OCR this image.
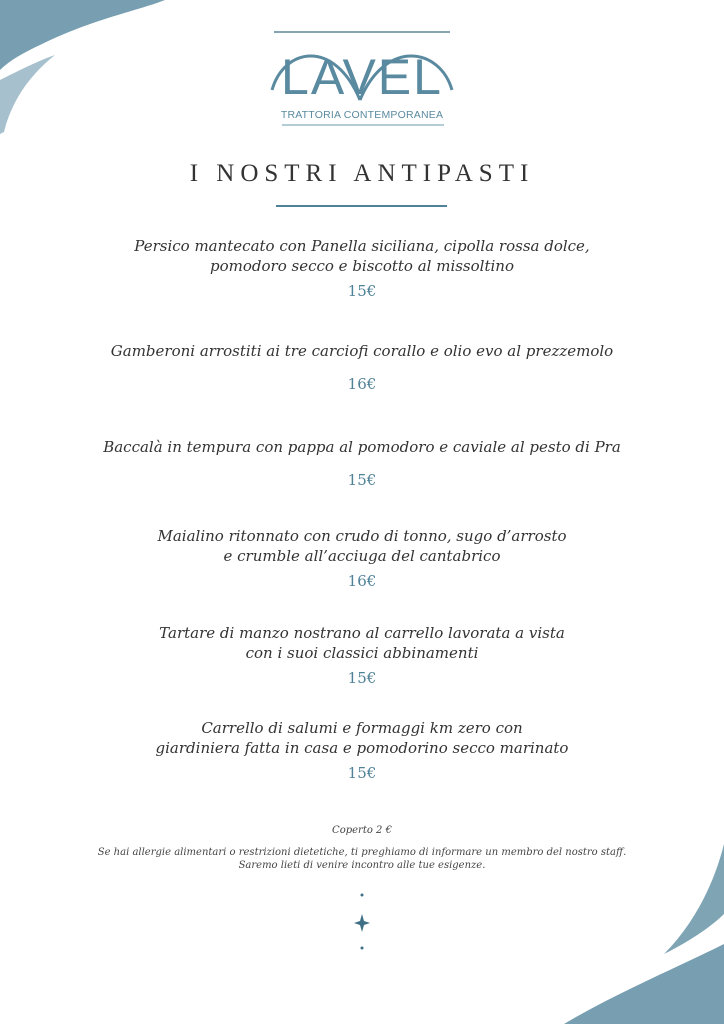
LAVEL
TRATTORIA CONTEMPORANEA
I NOSTRI ANTIPASTI
Persico mantecato con Panella siciliana, cipolla rossa dolce,
pomodoro secco e biscotto al missoltino
15€
Gamberoni arrostiti ai tre carciofi corallo e olio evo al prezzemolo
16€
Baccalà in tempura con pappa al pomodoro e caviale al pesto di Pra
15€
Maialino ritonnato con crudo di tonno, sugo d’arrosto
e crumble all’acciuga del cantabrico
16€
Tartare di manzo nostrano al carrello lavorata a vista
con i suoi classici abbinamenti
15€
Carrello di salumi e formaggi km zero con
giardiniera fatta in casa e pomodorino secco marinato
15€
Coperto 2 €
Se hai allergie alimentari o restrizioni dietetiche, ti preghiamo di informare un membro del nostro staff.
Saremo lieti di venire incontro alle tue esigenze.
